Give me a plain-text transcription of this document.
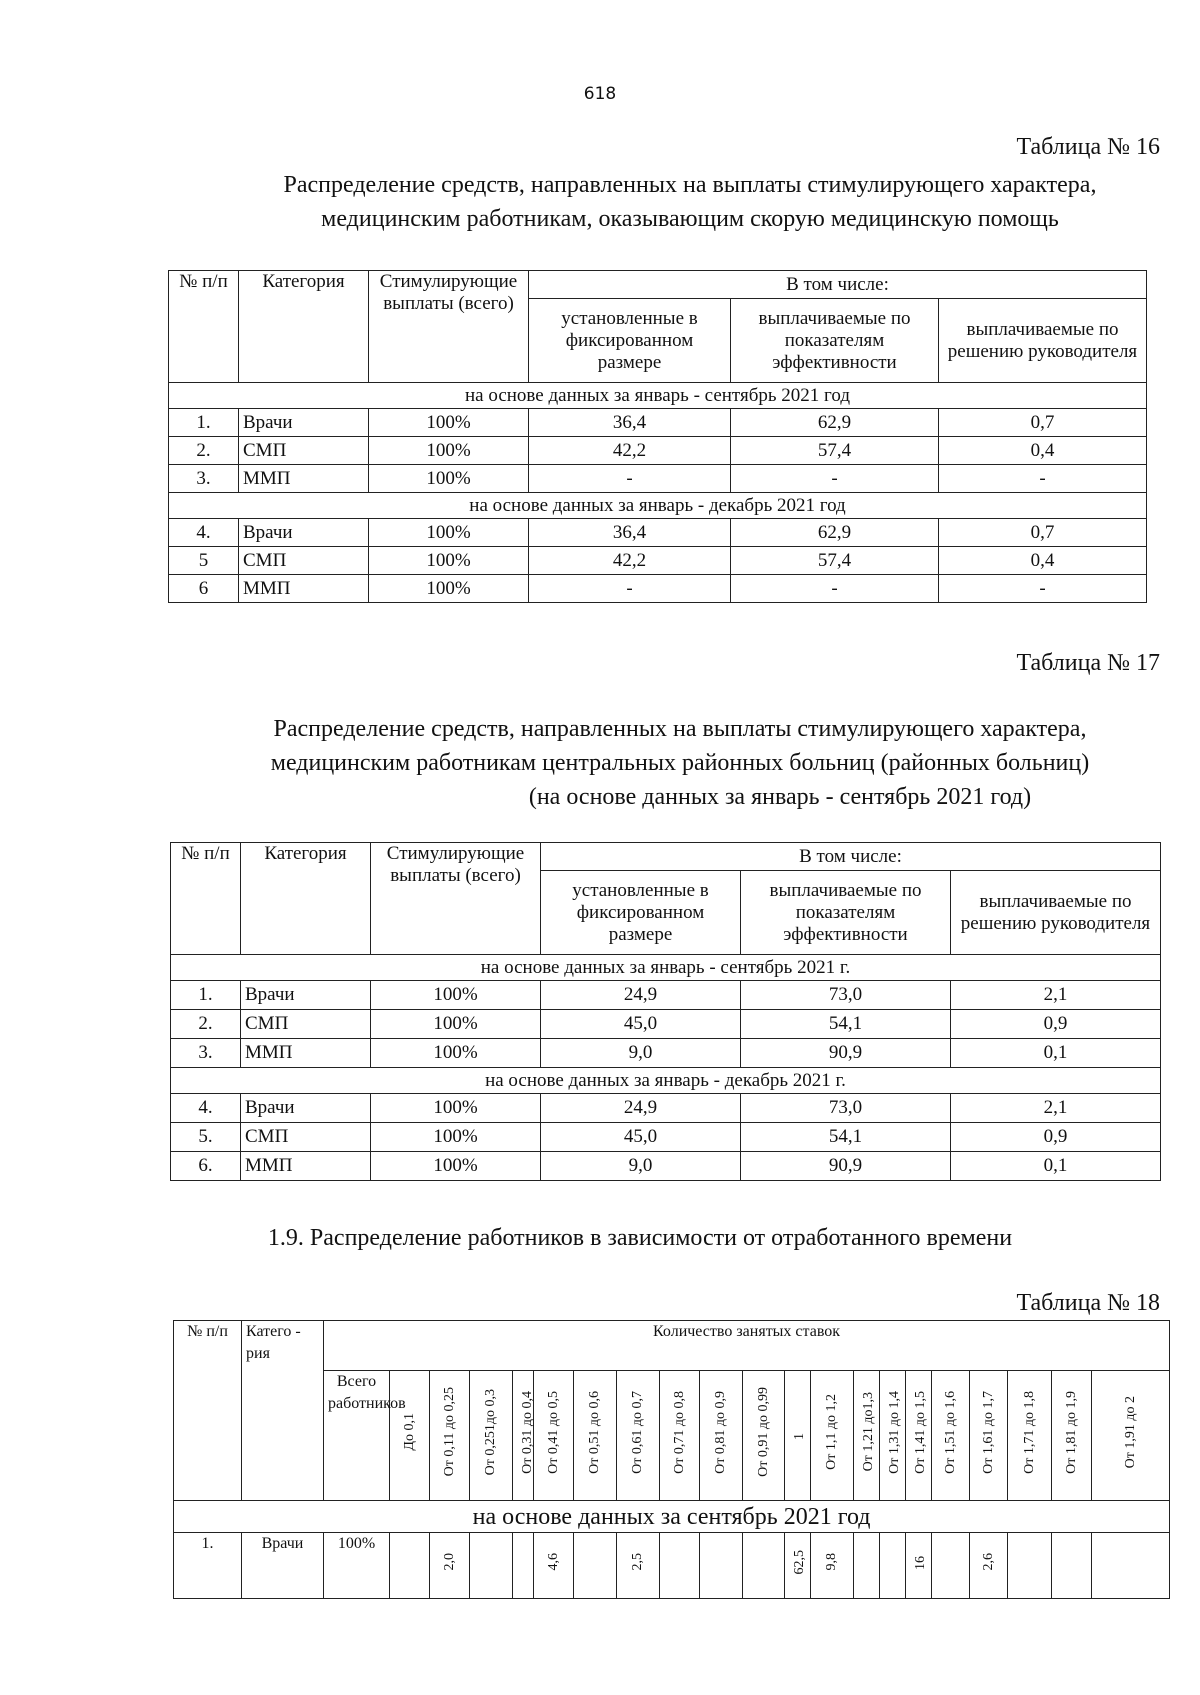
618
Таблица № 16
Распределение средств, направленных на выплаты стимулирующего характера,
медицинским работникам, оказывающим скорую медицинскую помощь
№ п/п	Категория	Стимулирующие выплаты (всего)	В том числе:		
			установленные в фиксированном размере	выплачиваемые по показателям эффективности	выплачиваемые по решению руководителя
на основе данных за январь - сентябрь 2021 год					
1.	Врачи	100%	36,4	62,9	0,7
2.	СМП	100%	42,2	57,4	0,4
3.	ММП	100%	-	-	-
на основе данных за январь - декабрь 2021 год					
4.	Врачи	100%	36,4	62,9	0,7
5	СМП	100%	42,2	57,4	0,4
6	ММП	100%	-	-	-
Таблица № 17
Распределение средств, направленных на выплаты стимулирующего характера,
медицинским работникам центральных районных больниц (районных больниц)
(на основе данных за январь - сентябрь 2021 год)
№ п/п	Категория	Стимулирующие выплаты (всего)	В том числе:		
			установленные в фиксированном размере	выплачиваемые по показателям эффективности	выплачиваемые по решению руководителя
на основе данных за январь - сентябрь 2021 г.					
1.	Врачи	100%	24,9	73,0	2,1
2.	СМП	100%	45,0	54,1	0,9
3.	ММП	100%	9,0	90,9	0,1
на основе данных за январь - декабрь 2021 г.					
4.	Врачи	100%	24,9	73,0	2,1
5.	СМП	100%	45,0	54,1	0,9
6.	ММП	100%	9,0	90,9	0,1
1.9. Распределение работников в зависимости от отработанного времени
Таблица № 18
№ п/п	Катего - рия	Количество занятых ставок																				
		Всего работников	До 0,1	От 0,11 до 0,25	От 0,251до 0,3	От 0,31 до 0,4	От 0,41 до 0,5	От 0,51 до 0,6	От 0,61 до 0,7	От 0,71 до 0,8	От 0,81 до 0,9	От 0,91 до 0,99	1	От 1,1 до 1,2	От 1,21 до1,3	От 1,31 до 1,4	От 1,41 до 1,5	От 1,51 до 1,6	От 1,61 до 1,7	От 1,71 до 1,8	От 1,81 до 1,9	От 1,91 до 2
на основе данных за сентябрь 2021 год																						
1.	Врачи	100%		2,0			4,6		2,5				62,5	9,8			16		2,6			
